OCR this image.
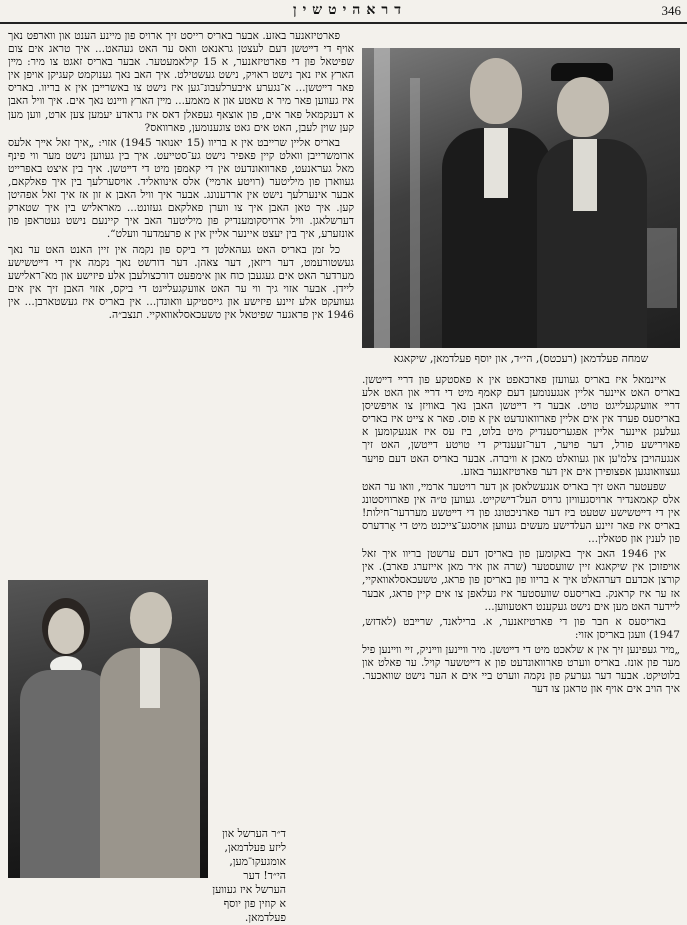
346
דראהיטשין

פארטיזאנער באזע. אבער באריס רייסט זיך ארויס פון מיינע הענט און װארפט נאך אויף די דײטשן דעם לעצטן גראנאט װאס ער האט געהאט... איך טראג אים צום שפיטאל פון די פארטיזאנער, א 15 קילאמעטער. אבער באריס זאגט צו מיר: מײן הארץ איז נאך נישט ראױק, נישט געשטילט. איך האב נאך גענוקמט קעגיקן אויפן אין פאר דײטשן... א־נגערע איבערלעבונ־גען איז נישט צו באשרײבן אין א בריוו. באריס איז געװען פאר מיר א טאטע און א מאמע... מײן הארץ װײנט נאך אים. איך װיל האבן א דענקמאל פאר אים, פון אוצאף געפאלן דאס איז גראדע יעמען צען ארט, ווען מען קען שוין לעבן, האט אים גאט צוגענומען, פארוואס?

באריס אליין שרייבט אין א בריוו (15 יאנואר 1945) אזוי: „איך זאל אײך אלעס ארומשרייבן וואלט קיין פאפיר נישט גע־סטייעט. איך בין געווען נישט מער ווי פינף מאל געראנעט, פארוואונדעט אין די קאמפן מיט די דײטשן. איך בין איצט באפרייט געװארן פון מיליטער (רויטע ארמײ) אלס אינוואליד. אויסערלעך בין איך פאלקאם, אבער אינערלעך נישט אין ארדענונג. אבער איך וויל האבן א זון אז איך זאל אפהיטן קען. איך טאן האבן איך צו ווערן פאלקאם געזונט... מאראליש בין איך שטארק דערשלאגן. וויל ארויסקומענדיק פון מיליטער האב איך קיינעם נישט געטראפן פון אונזערע, איך בין יעצט איינער אליין אין א פרעמדער וועלט“.

כל זמן באריס האט געהאלטן די ביקס פון נקמה אין זיין האנט האט ער נאך געשטורעמט, דער ריזאן, דער צאהן. דער דורשט נאך נקמה אין די דײטשישע מערדער האט אים געגעבן כוח און אימפעט דורכצולעבן אלע פיזישע און מא־ראלישע ליידן. אבער אזוי גיך ווי ער האט אװעקגעלײגט די ביקס, אזוי האבן זיך אין אים געװעקט אלע זיינע פיזישע און גייסטיקע וואונדן... אין באריס איז געשטארבן... אין 1946 אין פראגער שפיטאל אין טשעכאסלאוואקיי. תנצב״ה.

שמחה פעלדמאן (רעכטס), הי״ד, און יוסף פעלדמאן, שיקאגא

איינמאל איז באריס געוועזן פארכאפט אין א פאסטקע פון דרײ דײטשן. באריס האט איינער אליין אנגענומען דעם קאמף מיט די דרײ און האט אלע דרײ אװעקגעלײגט טױט. אבער די דײטשן האבן נאך באװיזן צו אױפשיסן באריסעס פערד אין אים אליין פארוואונדעט אין א פוס. פאר א צייט איז באריס געלעגן איינער אליין אפגעריסענדיק מיט בלוט, ביז עס איז אנגעקומען א פאוירישע פורל, דער פויער, דער־זעענדיק די טױטע דײטשן, האט זיך אנגעהויבן צלמ'ען און געוואלט מאכן א װיברה. אבער באריס האט דעם פויער געצוואונגען אפצופירן אים אין דער פארטיזאנער באזע.

שפעטער האט זיך באריס אנגעשלאסן אן דער רויטער ארמײ, וואו ער האט אלס קאמאנדיר ארויסגעוויזן גרויס העל־דישקייט. געווען ט״ה אין פארוויסטונג אין די דײטשישע שטעט ביז דער פארניכטונג פון די דײטשע מערדער־חילות! באריס איז פאר זיינע העלדישע מעשים געווען אויסגע־צייכנט מיט די אָרדערס פון לענין און סטאלין...

אין 1946 האב איך באקומען פון באריסן דעם ערשטן בריוו איך זאל אויפזוכן אין שיקאגא זיין שוועסטער (שרה און איר מאן אייזערג פארב). אין קורצן אכדעם דערהאלט איך א בריוו פון באריסן פון פראג, טשעכאסלאוואקיי, אז ער איז קראנק. באריסעס שוועסטער איז געלאפן צו אים קיין פראג, אבער לײדער האט מען אים נישט געקענט ראטעווען...

באריסעס א חבר פון די פארטיזאנער, א. ברילאנד, שרײבט (לאדזש, 1947) װעגן באריסן אזוי:

„מיר געפינען זיך אין א שלאכט מיט די דײטשן. מיר װײנען װײניק, זײ װײנען פיל מער פון אונז. באריס ווערט פארוואונדעט פון א דײטשער קויל. ער פאלט און בלוטיקט. אבער דער גערעק פון נקמה ווערט ביי אים א הער נישט שוואכער. איך הויב אים אויף און טראגן צו דער

ד״ר הערשל און ליזע פעלדמאן, אומגעקו־מען, הי״ד! דער הערשל איז געווען א קוזין פון יוסף פעלדמאן.
